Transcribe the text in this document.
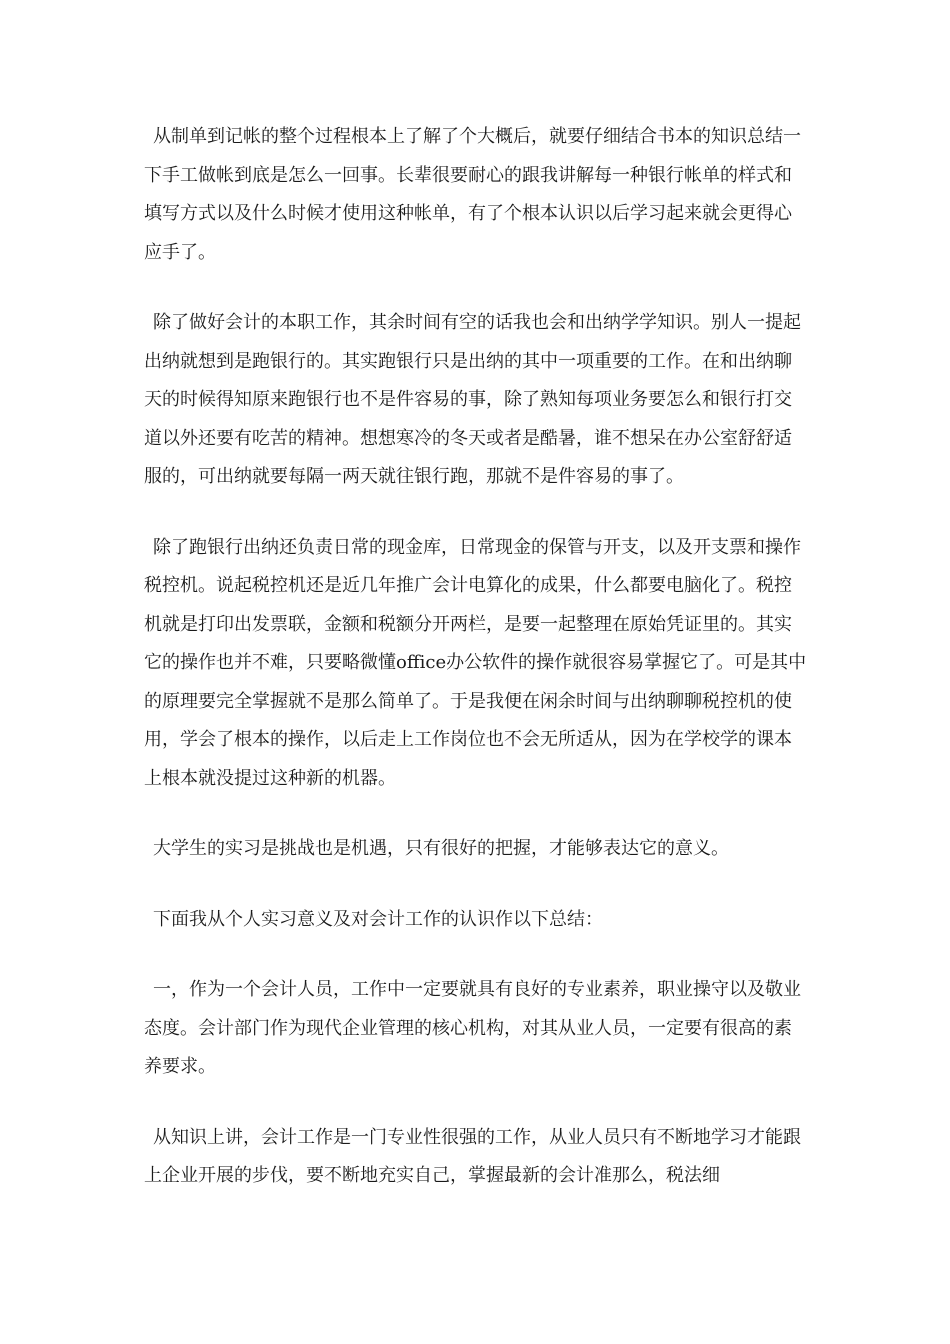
从制单到记帐的整个过程根本上了解了个大概后，就要仔细结合书本的知识总结一下手工做帐到底是怎么一回事。长辈很要耐心的跟我讲解每一种银行帐单的样式和填写方式以及什么时候才使用这种帐单，有了个根本认识以后学习起来就会更得心应手了。

除了做好会计的本职工作，其余时间有空的话我也会和出纳学学知识。别人一提起出纳就想到是跑银行的。其实跑银行只是出纳的其中一项重要的工作。在和出纳聊天的时候得知原来跑银行也不是件容易的事，除了熟知每项业务要怎么和银行打交道以外还要有吃苦的精神。想想寒冷的冬天或者是酷暑，谁不想呆在办公室舒舒适服的，可出纳就要每隔一两天就往银行跑，那就不是件容易的事了。

除了跑银行出纳还负责日常的现金库，日常现金的保管与开支，以及开支票和操作税控机。说起税控机还是近几年推广会计电算化的成果，什么都要电脑化了。税控机就是打印出发票联，金额和税额分开两栏，是要一起整理在原始凭证里的。其实它的操作也并不难，只要略微懂office办公软件的操作就很容易掌握它了。可是其中的原理要完全掌握就不是那么简单了。于是我便在闲余时间与出纳聊聊税控机的使用，学会了根本的操作，以后走上工作岗位也不会无所适从，因为在学校学的课本上根本就没提过这种新的机器。

大学生的实习是挑战也是机遇，只有很好的把握，才能够表达它的意义。

下面我从个人实习意义及对会计工作的认识作以下总结：

一，作为一个会计人员，工作中一定要就具有良好的专业素养，职业操守以及敬业态度。会计部门作为现代企业管理的核心机构，对其从业人员，一定要有很高的素养要求。

从知识上讲，会计工作是一门专业性很强的工作，从业人员只有不断地学习才能跟上企业开展的步伐，要不断地充实自己，掌握最新的会计准那么，税法细
